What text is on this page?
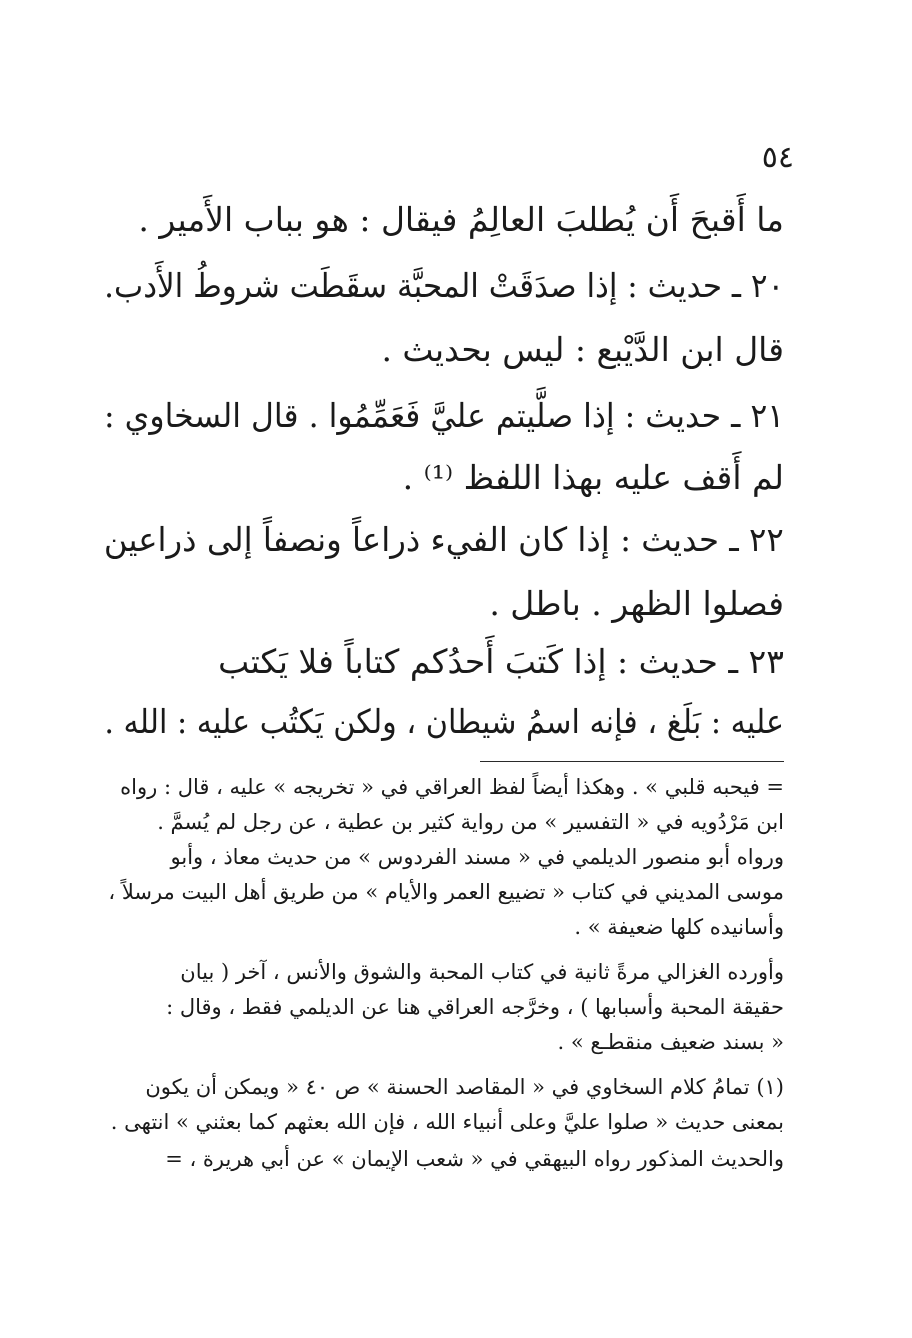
٥٤
ما أَقبحَ أَن يُطلبَ العالِمُ فيقال : هو بباب الأَمير .
٢٠ ـ حديث : إذا صدَقَتْ المحبَّة سقَطَت شروطُ الأَدب.
قال ابن الدَّيْبع : ليس بحديث .
٢١ ـ حديث : إذا صلَّيتم عليَّ فَعَمِّمُوا . قال السخاوي :
لم أَقف عليه بهذا اللفظ ⁽¹⁾ .
٢٢ ـ حديث : إذا كان الفيء ذراعاً ونصفاً إلى ذراعين
فصلوا الظهر . باطل .
٢٣ ـ حديث : إذا كَتبَ أَحدُكم كتاباً فلا يَكتب
عليه : بَلَغ ، فإنه اسمُ شيطان ، ولكن يَكتُب عليه : الله .
= فيحبه قلبي » . وهكذا أيضاً لفظ العراقي في « تخريجه » عليه ، قال : رواه
ابن مَرْدُويه في « التفسير » من رواية كثير بن عطية ، عن رجل لم يُسمَّ .
ورواه أبو منصور الديلمي في « مسند الفردوس » من حديث معاذ ، وأبو
موسى المديني في كتاب « تضييع العمر والأيام » من طريق أهل البيت مرسلاً ،
وأسانيده كلها ضعيفة » .
وأورده الغزالي مرةً ثانية في كتاب المحبة والشوق والأنس ، آخر ( بيان
حقيقة المحبة وأسبابها ) ، وخرَّجه العراقي هنا عن الديلمي فقط ، وقال :
« بسند ضعيف منقطـع » .
(١) تمامُ كلام السخاوي في « المقاصد الحسنة » ص ٤٠ « ويمكن أن يكون
بمعنى حديث « صلوا عليَّ وعلى أنبياء الله ، فإن الله بعثهم كما بعثني » انتهى .
والحديث المذكور رواه البيهقي في « شعب الإيمان » عن أبي هريرة ، =
